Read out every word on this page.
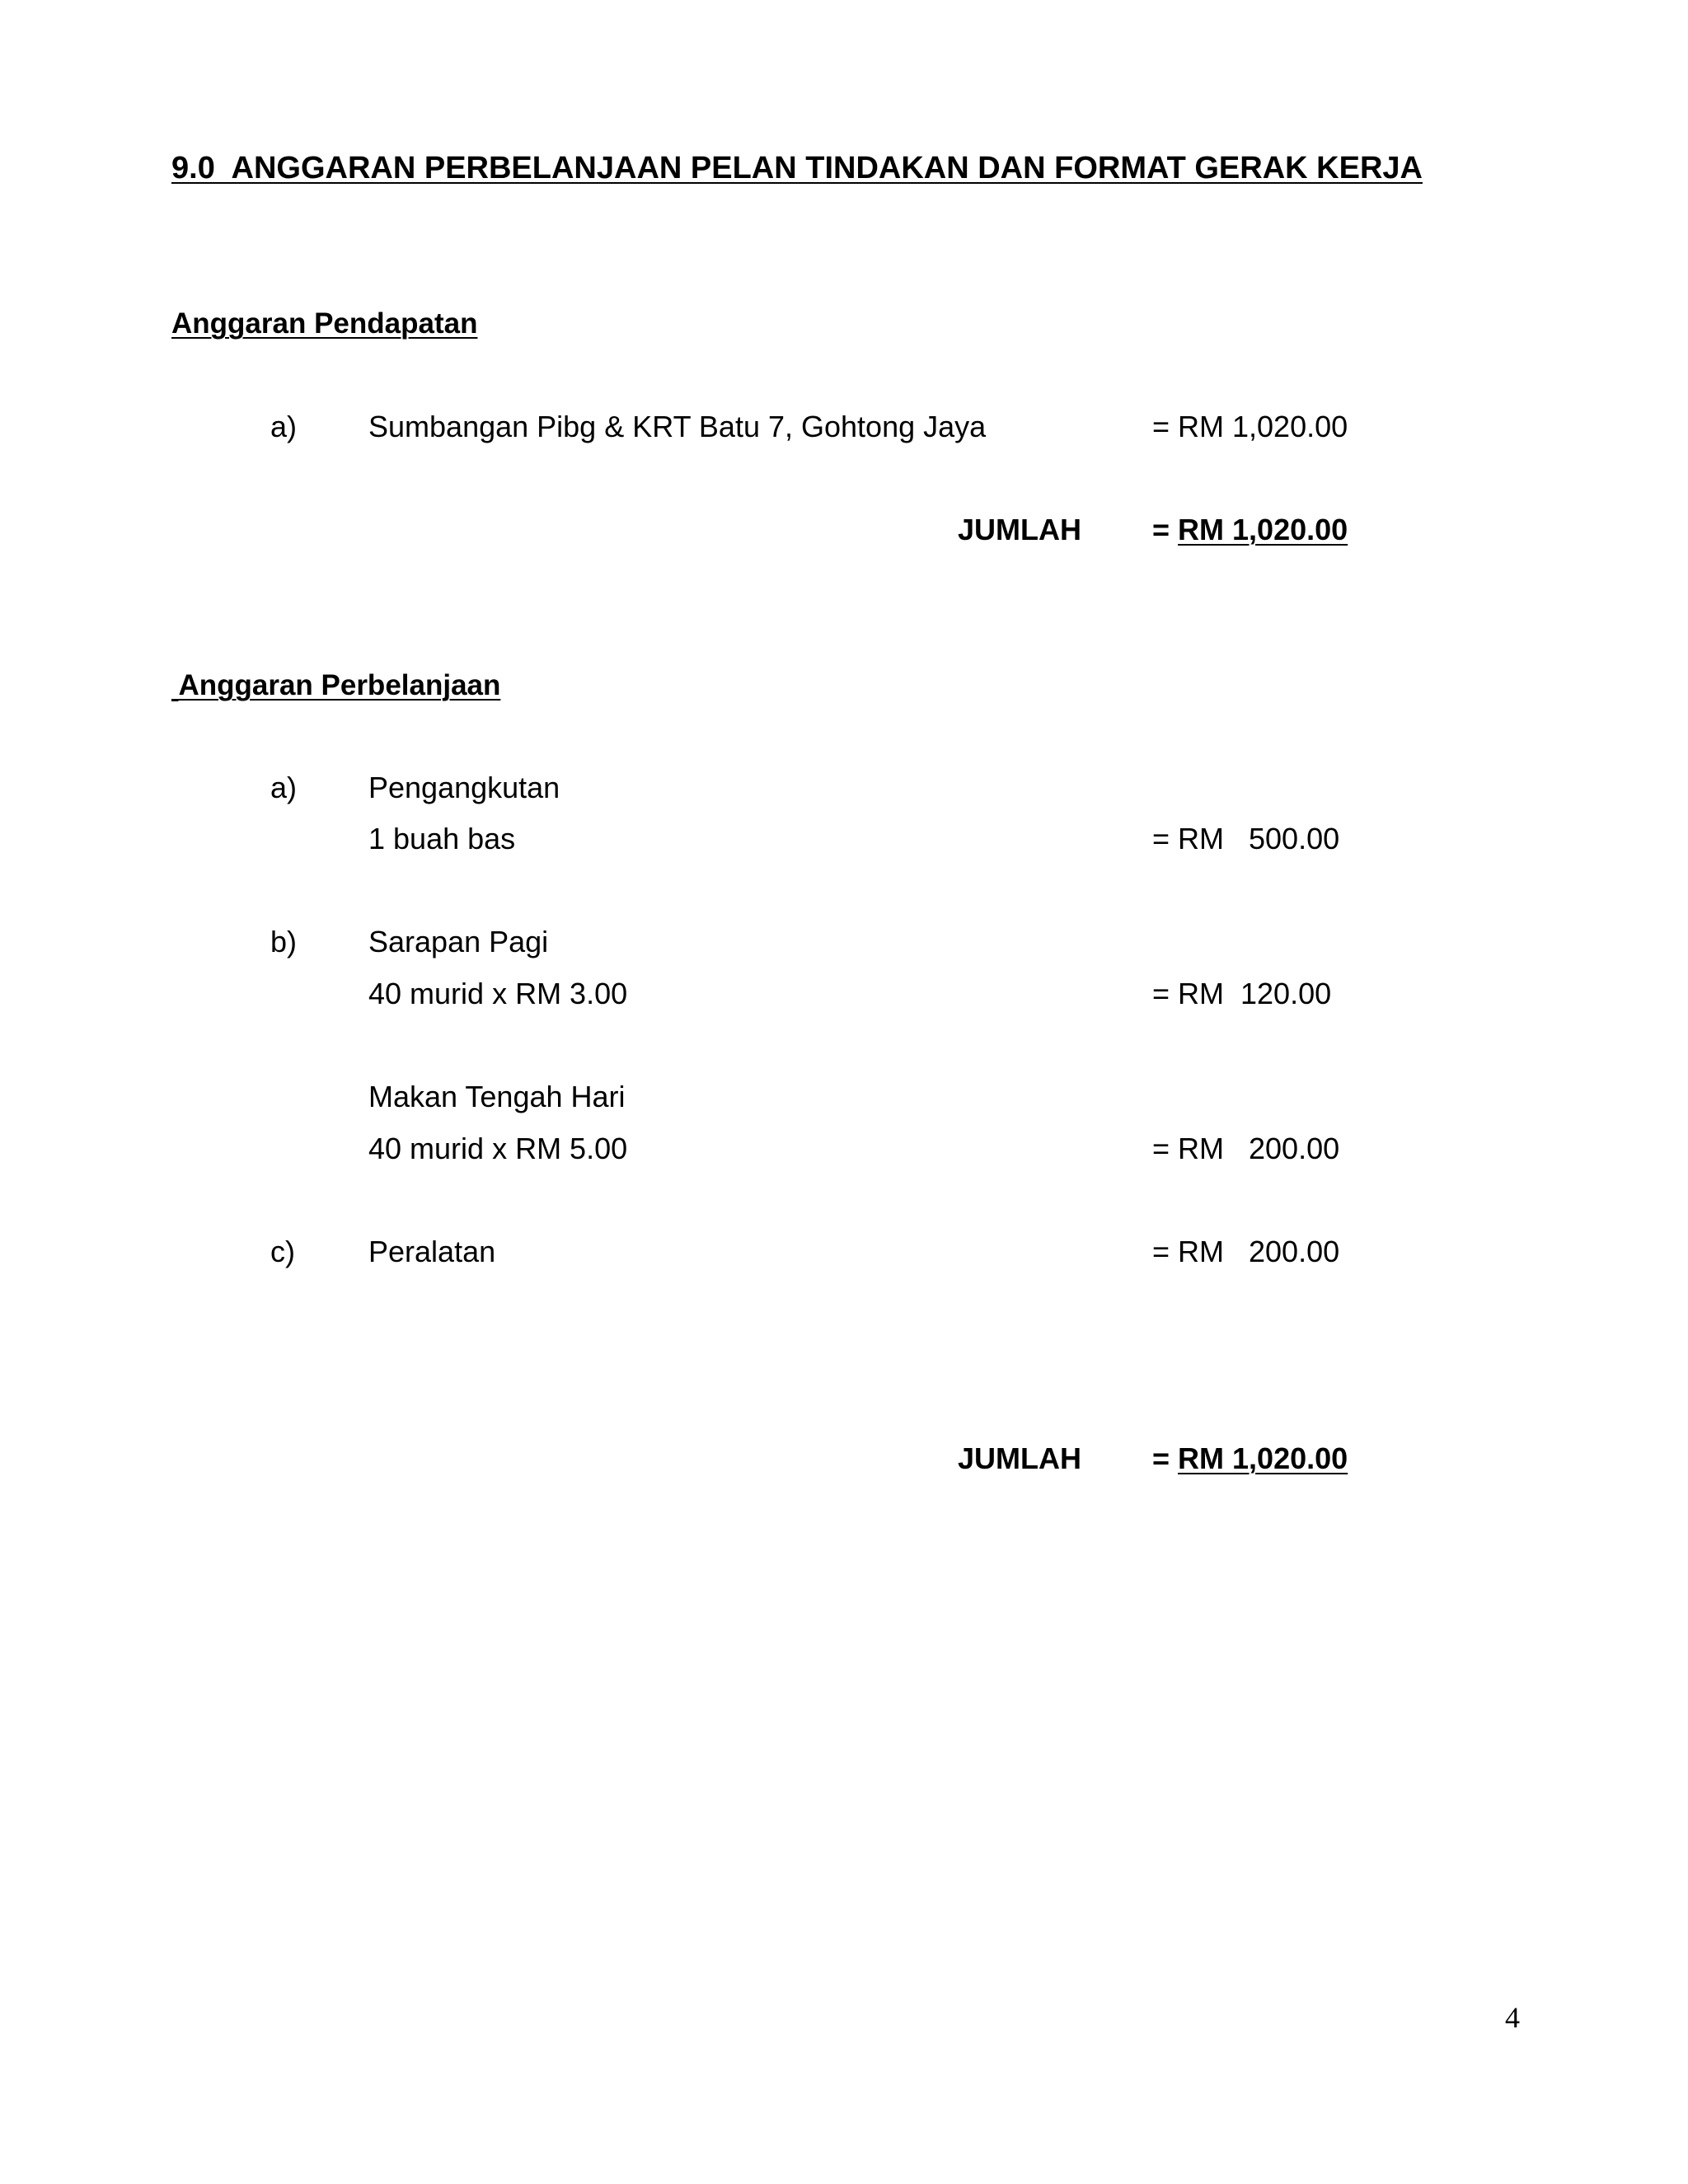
9.0  ANGGARAN PERBELANJAAN PELAN TINDAKAN DAN FORMAT GERAK KERJA
Anggaran Pendapatan
a) Sumbangan Pibg & KRT Batu 7, Gohtong Jaya	= RM 1,020.00
JUMLAH = RM 1,020.00
Anggaran Perbelanjaan
a) Pengangkutan
1 buah bas	= RM   500.00
b) Sarapan Pagi
40 murid x RM 3.00	= RM  120.00
Makan Tengah Hari
40 murid x RM 5.00	= RM   200.00
c) Peralatan	= RM   200.00
JUMLAH = RM 1,020.00
4
